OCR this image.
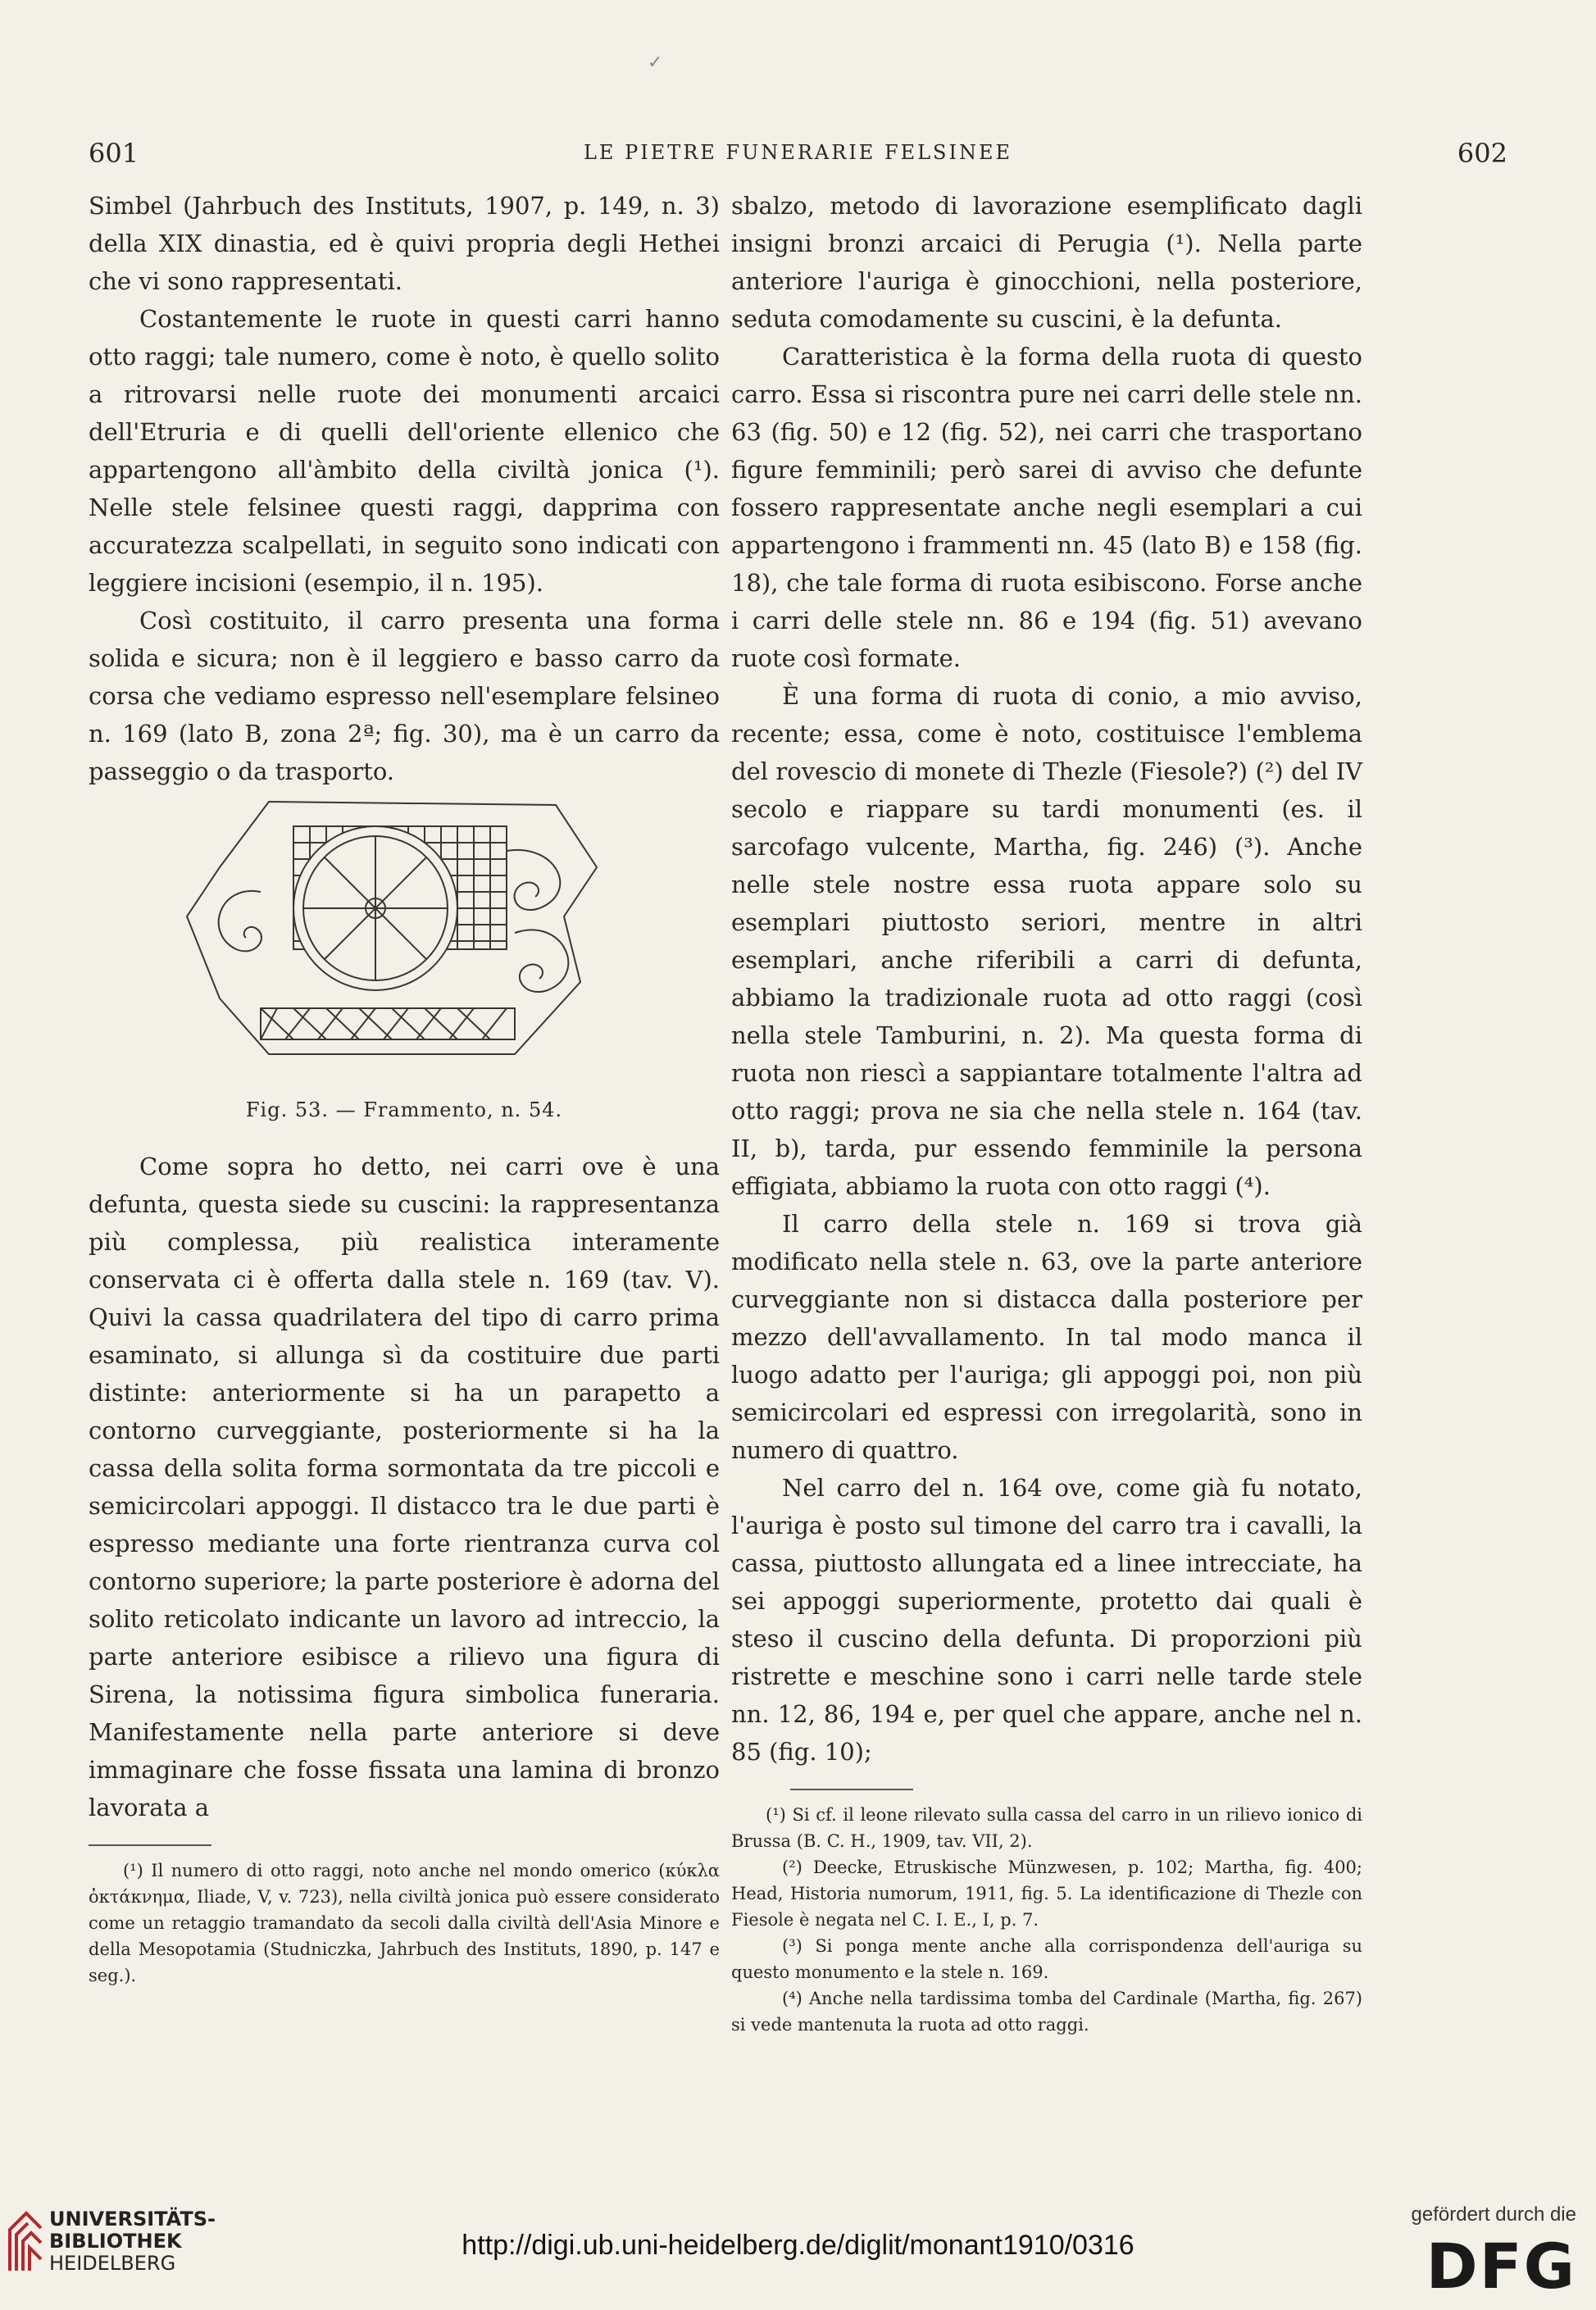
✓
601	LE PIETRE FUNERARIE FELSINEE	602

Simbel (Jahrbuch des Instituts, 1907, p. 149, n. 3) della XIX dinastia, ed è quivi propria degli Hethei che vi sono rappresentati.

Costantemente le ruote in questi carri hanno otto raggi; tale numero, come è noto, è quello solito a ritrovarsi nelle ruote dei monumenti arcaici dell'Etruria e di quelli dell'oriente ellenico che appartengono all'àmbito della civiltà jonica (¹). Nelle stele felsinee questi raggi, dapprima con accuratezza scalpellati, in seguito sono indicati con leggiere incisioni (esempio, il n. 195).

Così costituito, il carro presenta una forma solida e sicura; non è il leggiero e basso carro da corsa che vediamo espresso nell'esemplare felsineo n. 169 (lato B, zona 2ª; fig. 30), ma è un carro da passeggio o da trasporto.

Fig. 53. — Frammento, n. 54.

Come sopra ho detto, nei carri ove è una defunta, questa siede su cuscini: la rappresentanza più complessa, più realistica interamente conservata ci è offerta dalla stele n. 169 (tav. V). Quivi la cassa quadrilatera del tipo di carro prima esaminato, si allunga sì da costituire due parti distinte: anteriormente si ha un parapetto a contorno curveggiante, posteriormente si ha la cassa della solita forma sormontata da tre piccoli e semicircolari appoggi. Il distacco tra le due parti è espresso mediante una forte rientranza curva col contorno superiore; la parte posteriore è adorna del solito reticolato indicante un lavoro ad intreccio, la parte anteriore esibisce a rilievo una figura di Sirena, la notissima figura simbolica funeraria. Manifestamente nella parte anteriore si deve immaginare che fosse fissata una lamina di bronzo lavorata a

(¹) Il numero di otto raggi, noto anche nel mondo omerico (κύκλα ὀκτάκνημα, Iliade, V, v. 723), nella civiltà jonica può essere considerato come un retaggio tramandato da secoli dalla civiltà dell'Asia Minore e della Mesopotamia (Studniczka, Jahrbuch des Instituts, 1890, p. 147 e seg.).

sbalzo, metodo di lavorazione esemplificato dagli insigni bronzi arcaici di Perugia (¹). Nella parte anteriore l'auriga è ginocchioni, nella posteriore, seduta comodamente su cuscini, è la defunta.

Caratteristica è la forma della ruota di questo carro. Essa si riscontra pure nei carri delle stele nn. 63 (fig. 50) e 12 (fig. 52), nei carri che trasportano figure femminili; però sarei di avviso che defunte fossero rappresentate anche negli esemplari a cui appartengono i frammenti nn. 45 (lato B) e 158 (fig. 18), che tale forma di ruota esibiscono. Forse anche i carri delle stele nn. 86 e 194 (fig. 51) avevano ruote così formate.

È una forma di ruota di conio, a mio avviso, recente; essa, come è noto, costituisce l'emblema del rovescio di monete di Thezle (Fiesole?) (²) del IV secolo e riappare su tardi monumenti (es. il sarcofago vulcente, Martha, fig. 246) (³). Anche nelle stele nostre essa ruota appare solo su esemplari piuttosto seriori, mentre in altri esemplari, anche riferibili a carri di defunta, abbiamo la tradizionale ruota ad otto raggi (così nella stele Tamburini, n. 2). Ma questa forma di ruota non riescì a sappiantare totalmente l'altra ad otto raggi; prova ne sia che nella stele n. 164 (tav. II, b), tarda, pur essendo femminile la persona effigiata, abbiamo la ruota con otto raggi (⁴).

Il carro della stele n. 169 si trova già modificato nella stele n. 63, ove la parte anteriore curveggiante non si distacca dalla posteriore per mezzo dell'avvallamento. In tal modo manca il luogo adatto per l'auriga; gli appoggi poi, non più semicircolari ed espressi con irregolarità, sono in numero di quattro.

Nel carro del n. 164 ove, come già fu notato, l'auriga è posto sul timone del carro tra i cavalli, la cassa, piuttosto allungata ed a linee intrecciate, ha sei appoggi superiormente, protetto dai quali è steso il cuscino della defunta. Di proporzioni più ristrette e meschine sono i carri nelle tarde stele nn. 12, 86, 194 e, per quel che appare, anche nel n. 85 (fig. 10);

(¹) Si cf. il leone rilevato sulla cassa del carro in un rilievo ionico di Brussa (B. C. H., 1909, tav. VII, 2).

(²) Deecke, Etruskische Münzwesen, p. 102; Martha, fig. 400; Head, Historia numorum, 1911, fig. 5. La identificazione di Thezle con Fiesole è negata nel C. I. E., I, p. 7.

(³) Si ponga mente anche alla corrispondenza dell'auriga su questo monumento e la stele n. 169.

(⁴) Anche nella tardissima tomba del Cardinale (Martha, fig. 267) si vede mantenuta la ruota ad otto raggi.

UNIVERSITÄTS-
BIBLIOTHEK
HEIDELBERG
http://digi.ub.uni-heidelberg.de/diglit/monant1910/0316
gefördert durch die
DFG
